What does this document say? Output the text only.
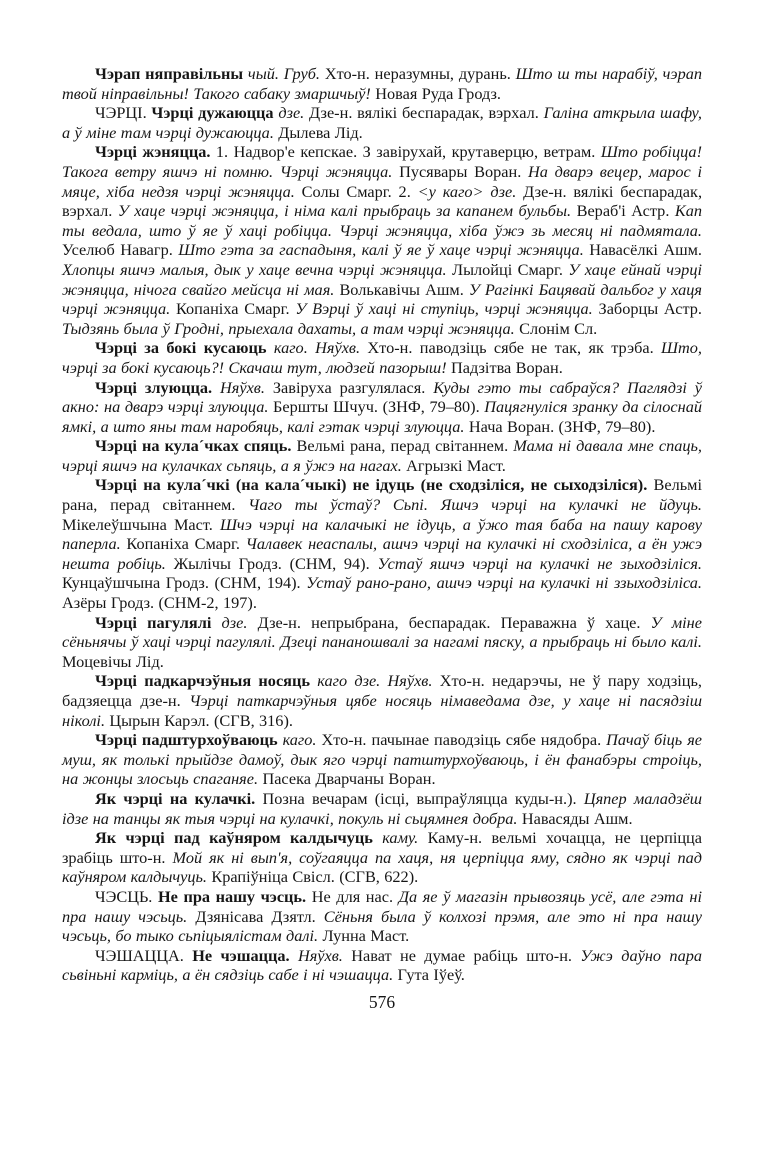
Чэрап няправільны чый. Груб. Хто-н. неразумны, дурань. Што ш ты нарабіў, чэрап твой ніправільны! Такого сабаку змаршчыў! Новая Руда Гродз.

ЧЭРЦІ. Чэрці дужаюцца дзе. Дзе-н. вялікі беспарадак, вэрхал. Галіна аткрыла шафу, а ў міне там чэрці дужаюцца. Дылева Лід.

Чэрці жэняцца. 1. Надвор'е кепскае. З завірухай, крутаверцю, ветрам. Што робіцца! Такога ветру яшчэ ні помню. Чэрці жэняцца. Пусявары Воран. На дварэ вецер, марос і мяце, хіба недзя чэрці жэняцца. Солы Смарг. 2. <у каго> дзе. Дзе-н. вялікі беспарадак, вэрхал. У хаце чэрці жэняцца, і німа калі прыбраць за капанем бульбы. Вераб'і Астр. Кап ты ведала, што ў яе ў хаці робіцца. Чэрці жэняцца, хіба ўжэ зь месяц ні падмятала. Уселюб Навагр. Што гэта за гаспадыня, калі ў яе ў хаце чэрці жэняцца. Навасёлкі Ашм. Хлопцы яшчэ малыя, дык у хаце вечна чэрці жэняцца. Лылойці Смарг. У хаце ейнай чэрці жэняцца, нічога свайго мейсца ні мая. Волькавічы Ашм. У Рагінкі Бацявай дальбог у хаця чэрці жэняцца. Копаніха Смарг. У Вэрці ў хаці ні ступіць, чэрці жэняцца. Заборцы Астр. Тыдзянь была ў Гродні, прыехала дахаты, а там чэрці жэняцца. Слонім Сл.

Чэрці за бокі кусаюць каго. Няўхв. Хто-н. паводзіць сябе не так, як трэба. Што, чэрці за бокі кусаюць?! Скачаш тут, людзей пазорыш! Падзітва Воран.

Чэрці злуюцца. Няўхв. Завіруха разгулялася. Куды гэто ты сабраўся? Паглядзі ў акно: на дварэ чэрці злуюцца. Бершты Шчуч. (ЗНФ, 79–80). Пацягнуліся зранку да сілоснай ямкі, а што яны там наробяць, калі гэтак чэрці злуюцца. Нача Воран. (ЗНФ, 79–80).

Чэрці на кула´чках спяць. Вельмі рана, перад світаннем. Мама ні давала мне спаць, чэрці яшчэ на кулачках сьпяць, а я ўжэ на нагах. Агрызкі Маст.

Чэрці на кула´чкі (на кала´чыкі) не ідуць (не сходзіліся, не сыходзіліся). Вельмі рана, перад світаннем. Чаго ты ўстаў? Сьпі. Яшчэ чэрці на кулачкі не йдуць. Мікелеўшчына Маст. Шчэ чэрці на калачыкі не ідуць, а ўжо тая баба на пашу карову паперла. Копаніха Смарг. Чалавек неаспалы, ашчэ чэрці на кулачкі ні сходзіліса, а ён ужэ нешта робіць. Жылічы Гродз. (СНМ, 94). Устаў яшчэ чэрці на кулачкі не зыходзіліся. Кунцаўшчына Гродз. (СНМ, 194). Устаў рано-рано, ашчэ чэрці на кулачкі ні ззыходзіліса. Азёры Гродз. (СНМ-2, 197).

Чэрці пагулялі дзе. Дзе-н. непрыбрана, беспарадак. Пераважна ў хаце. У міне сёньнячы ў хаці чэрці пагулялі. Дзеці пананошвалі за нагамі пяску, а прыбраць ні было калі. Моцевічы Лід.

Чэрці падкарчэўныя носяць каго дзе. Няўхв. Хто-н. недарэчы, не ў пару ходзіць, бадзяецца дзе-н. Чэрці паткарчэўныя цябе носяць німаведама дзе, у хаце ні пасядзіш ніколі. Цырын Карэл. (СГВ, 316).

Чэрці падштурхоўваюць каго. Хто-н. пачынае паводзіць сябе нядобра. Пачаў біць яе муш, як толькі прыйдзе дамоў, дык яго чэрці патштурхоўваюць, і ён фанабэры строіць, на жонцы злосьць спаганяе. Пасека Дварчаны Воран.

Як чэрці на кулачкі. Позна вечарам (ісці, выпраўляцца куды-н.). Цяпер маладзёш ідзе на танцы як тыя чэрці на кулачкі, покуль ні сьцямнея добра. Навасяды Ашм.

Як чэрці пад каўняром калдычуць каму. Каму-н. вельмі хочацца, не церпіцца зрабіць што-н. Мой як ні вып'я, соўгаяцца па хаця, ня церпіцца яму, сядно як чэрці пад каўняром калдычуць. Крапіўніца Свісл. (СГВ, 622).

ЧЭСЦЬ. Не пра нашу чэсць. Не для нас. Да яе ў магазін прывозяць усё, але гэта ні пра нашу чэсьць. Дзянісава Дзятл. Сёньня была ў колхозі прэмя, але это ні пра нашу чэсьць, бо тыко сьпіцыялістам далі. Лунна Маст.

ЧЭШАЦЦА. Не чэшацца. Няўхв. Нават не думае рабіць што-н. Ужэ даўно пара сьвіньні карміць, а ён сядзіць сабе і ні чэшацца. Гута Іўеў.

576
